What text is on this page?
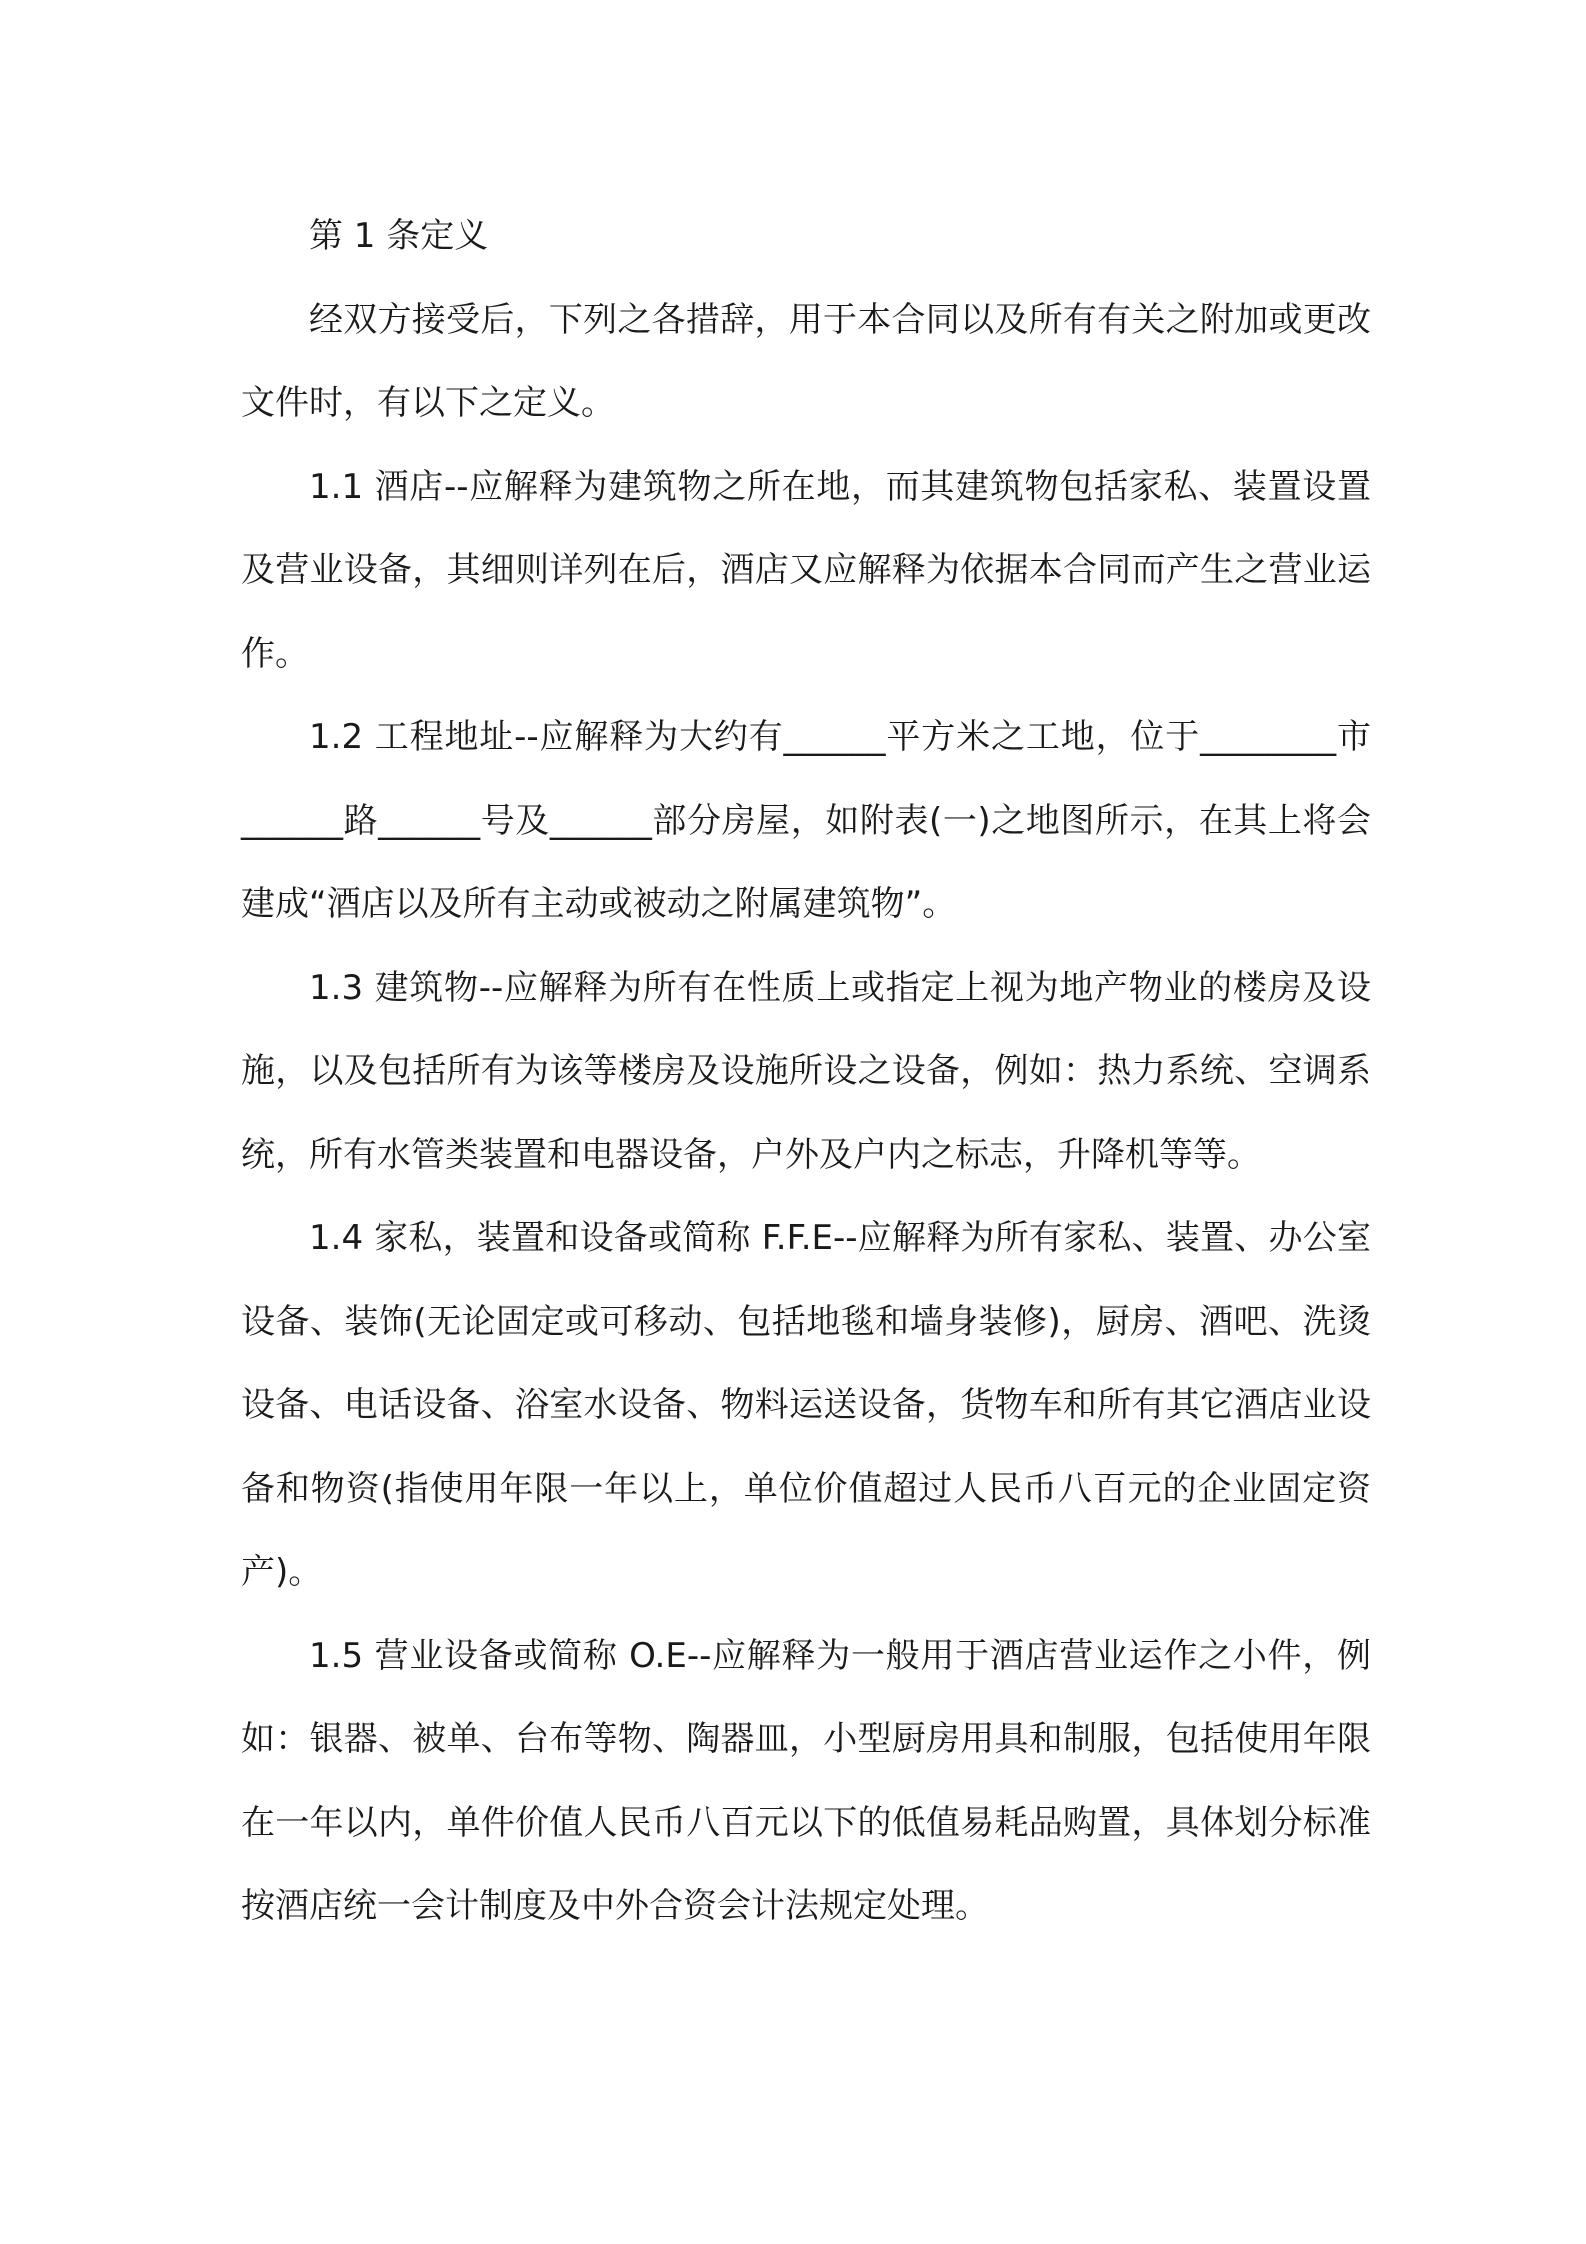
第 1 条定义

经双方接受后，下列之各措辞，用于本合同以及所有有关之附加或更改文件时，有以下之定义。

1.1 酒店--应解释为建筑物之所在地，而其建筑物包括家私、装置设置及营业设备，其细则详列在后，酒店又应解释为依据本合同而产生之营业运作。

1.2 工程地址--应解释为大约有______平方米之工地，位于________市______路______号及______部分房屋，如附表(一)之地图所示，在其上将会建成“酒店以及所有主动或被动之附属建筑物”。

1.3 建筑物--应解释为所有在性质上或指定上视为地产物业的楼房及设施，以及包括所有为该等楼房及设施所设之设备，例如：热力系统、空调系统，所有水管类装置和电器设备，户外及户内之标志，升降机等等。

1.4 家私，装置和设备或简称 F.F.E--应解释为所有家私、装置、办公室设备、装饰(无论固定或可移动、包括地毯和墙身装修)，厨房、酒吧、洗烫设备、电话设备、浴室水设备、物料运送设备，货物车和所有其它酒店业设备和物资(指使用年限一年以上，单位价值超过人民币八百元的企业固定资产)。

1.5 营业设备或简称 O.E--应解释为一般用于酒店营业运作之小件，例如：银器、被单、台布等物、陶器皿，小型厨房用具和制服，包括使用年限在一年以内，单件价值人民币八百元以下的低值易耗品购置，具体划分标准按酒店统一会计制度及中外合资会计法规定处理。
